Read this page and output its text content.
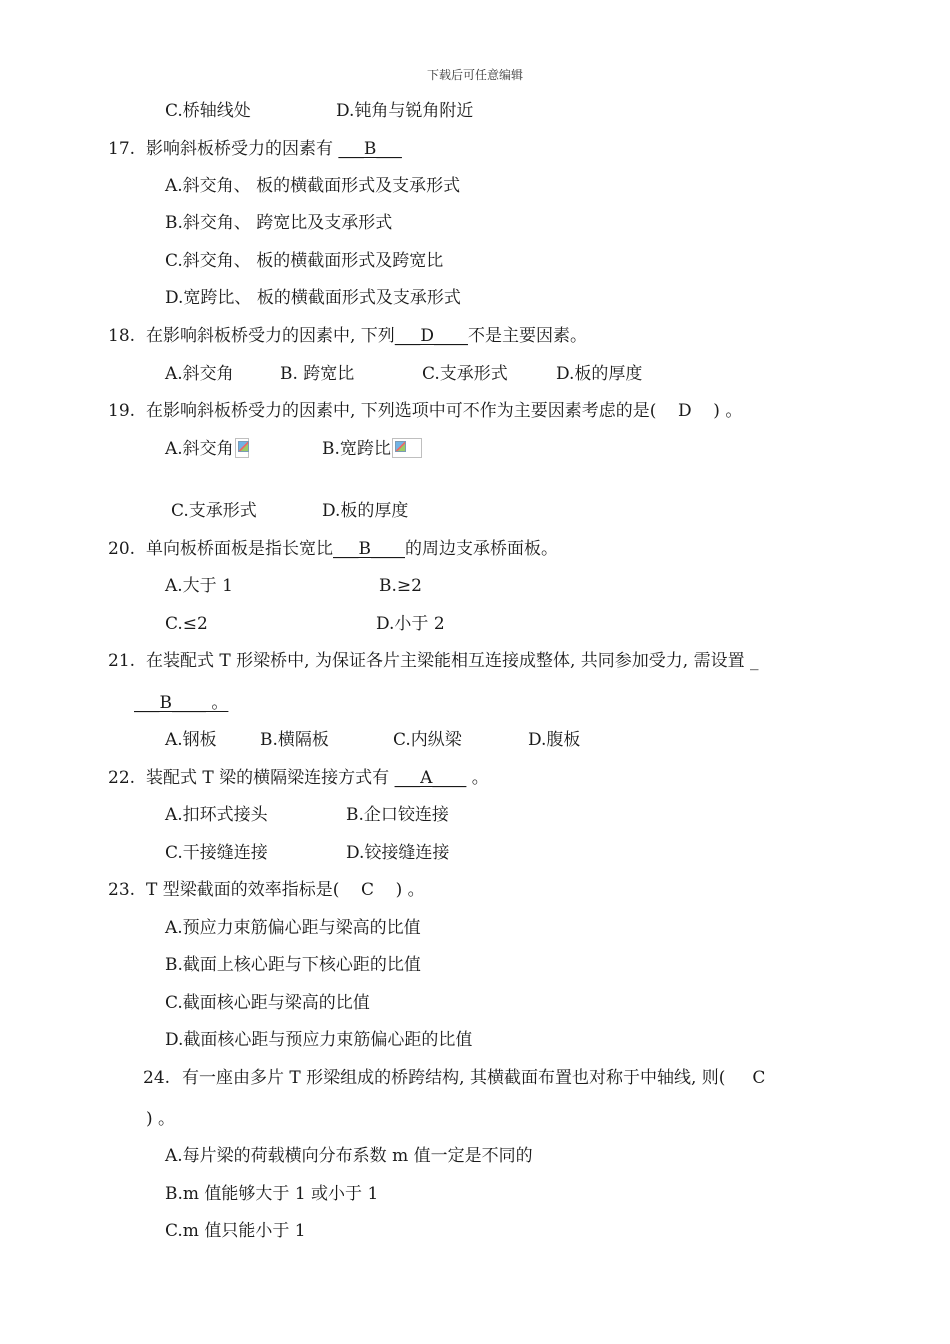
下载后可任意编辑
C.桥轴线处	D.钝角与锐角附近
17. 影响斜板桥受力的因素有 ___B___
A.斜交角、 板的横截面形式及支承形式
B.斜交角、 跨宽比及支承形式
C.斜交角、 板的横截面形式及跨宽比
D.宽跨比、 板的横截面形式及支承形式
18. 在影响斜板桥受力的因素中, 下列___D____不是主要因素。
A.斜交角	B. 跨宽比	C.支承形式	D.板的厚度
19. 在影响斜板桥受力的因素中, 下列选项中可不作为主要因素考虑的是(    D    ) 。
A.斜交角	B.宽跨比
C.支承形式	D.板的厚度
20. 单向板桥面板是指长宽比___B____的周边支承桥面板。
A.大于 1	B.≥2
C.≤2	D.小于 2
21. 在装配式 T 形梁桥中, 为保证各片主梁能相互连接成整体, 共同参加受力, 需设置 _
___B____ 。
A.钢板	B.横隔板	C.内纵梁	D.腹板
22. 装配式 T 梁的横隔梁连接方式有 ___A____ 。
A.扣环式接头	B.企口铰连接
C.干接缝连接	D.铰接缝连接
23. T 型梁截面的效率指标是(    C    ) 。
A.预应力束筋偏心距与梁高的比值
B.截面上核心距与下核心距的比值
C.截面核心距与梁高的比值
D.截面核心距与预应力束筋偏心距的比值
24. 有一座由多片 T 形梁组成的桥跨结构, 其横截面布置也对称于中轴线, 则(     C
) 。
A.每片梁的荷载横向分布系数 m 值一定是不同的
B.m 值能够大于 1 或小于 1
C.m 值只能小于 1
